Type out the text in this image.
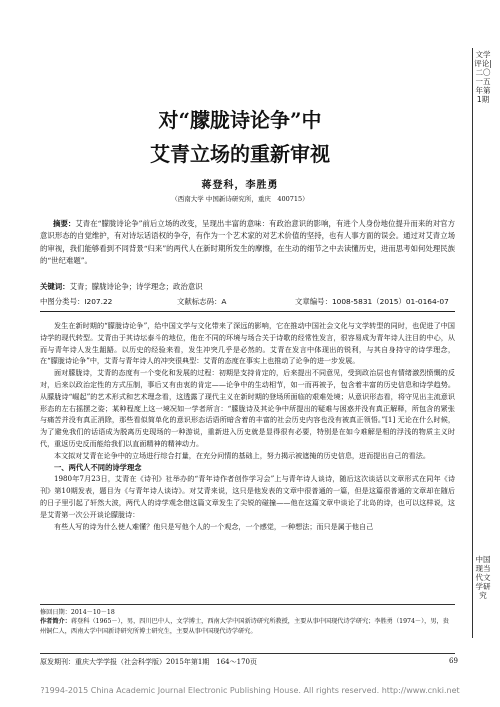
文学评论|二〇一五年第1期
中国现当代文学研究
对“朦胧诗论争”中
艾青立场的重新审视
蒋登科，李胜勇
（西南大学 中国新诗研究所，重庆　400715）
摘要：艾青在“朦胧诗论争”前后立场的改变，呈现出丰富的意味：有政治意识的影响，有进个人身份地位提升而来的对官方意识形态的自觉维护，有对诗坛话语权的争夺，有作为一个艺术家的对艺术价值的坚持，也有人事方面的误会。通过对艾青立场的审视，我们能够看到不同背景“归来”的两代人在新时期所发生的摩擦，在生动的细节之中去读懂历史，进而思考如何处理民族的“世纪难题”。
关键词：艾青；朦胧诗论争；诗学理念；政治意识
中图分类号：I207.22	文献标志码：A	文章编号：1008-5831（2015）01-0164-07

发生在新时期的“朦胧诗论争”，给中国文学与文化带来了深远的影响，它在推动中国社会文化与文学转型的同时，也促进了中国诗学的现代转型。艾青由于其诗坛泰斗的地位，他在不同的环境与场合关于诗歌的经常性发言，很容易成为青年诗人注目的中心，从而与青年诗人发生龃龉。以历史的经验来看，发生冲突几乎是必然的。艾青在发言中体现出的锐利，与其自身持守的诗学理念，在“朦胧诗论争”中，艾青与青年诗人的冲突很典型：艾青的态度在事实上也推动了论争的进一步发展。

面对朦胧诗，艾青的态度有一个变化和发展的过程：初期是支持肯定的，后来提出不同意见，受到政治层也有情绪激烈愤慨的反对，后来以政治定性的方式压制，事后又有由衷的肯定——论争中的生动相节，如一而再被予，包含着丰富的历史信息和诗学趋势。从朦胧诗“崛起”的艺术形式和艺术理念看，这透露了现代主义在新时期的登场所面临的艰难处境；从意识形态看，将守见出主流意识形态的左右摇摆之姿；某种程度上这一境况如一学者所言：“朦胧诗及其论争中所提出的疑难与困惑并没有真正解释，所包含的紧张与痛苦并没有真正消除，那些看似简单化的意识形态话语所暗含着的丰富的社会历史内容也没有被真正领悟。”[1] 无论在什么时候，为了避免我们的话语成为脱离历史现场的一种游说，重新进入历史就是显得很有必要，特别是在如今难解是相的浮浅的物质主义时代，重返历史反而能给我们以直面精神的精神动力。

本文拟对艾青在论争中的立场进行综合打量，在充分问情的基础上，努力揭示被遮掩的历史信息，进而提出自己的看法。

一、两代人不同的诗学理念

1980年7月23日，艾青在《诗刊》社举办的“青年诗作者创作学习会”上与青年诗人谈诗，随后这次谈话以文章形式在同年《诗刊》第10期发表，题目为《与青年诗人谈诗》。对艾青来说，这只是他发表的文章中很普通的一篇，但是这篇很普通的文章却在随后的日子里引起了轩然大波，两代人的诗学观念借这篇文章发生了尖锐的碰撞——他在这篇文章中谈论了北岛的诗，也可以这样说，这是艾青第一次公开谈论朦胧诗：

有些人写的诗为什么使人难懂？他只是写他个人的一个观念，一个感觉，一种想法；而只是属于他自己

修回日期：2014－10－18
作者简介：蒋登科（1965－），男，四川巴中人，文学博士，西南大学中国新诗研究所教授，主要从事中国现代诗学研究；李胜勇（1974－），男，贵州铜仁人，西南大学中国新诗研究所博士研究生，主要从事中国现代诗学研究。
原发期刊：重庆大学学报（社会科学版）2015年第1期　164～170页	69
?1994-2015 China Academic Journal Electronic Publishing House. All rights reserved. http://www.cnki.net
